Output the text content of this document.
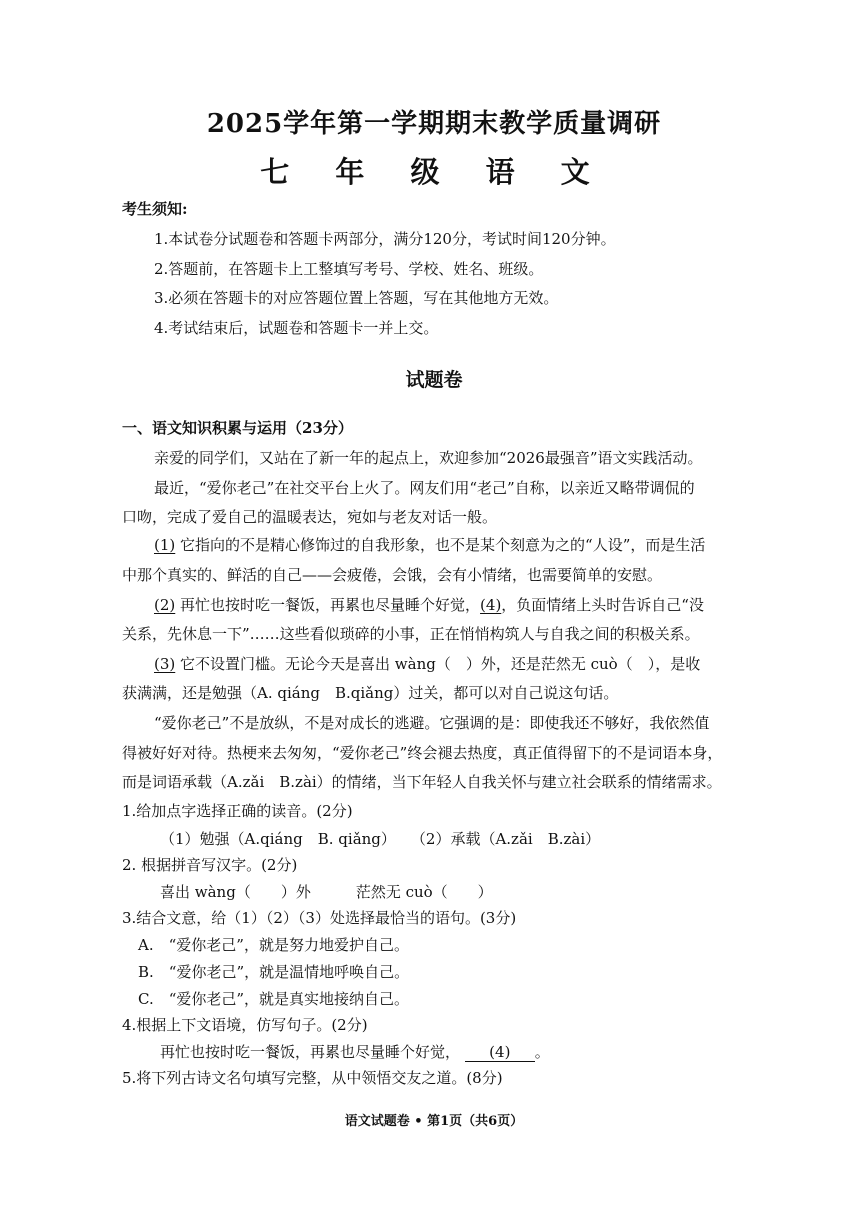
2025学年第一学期期末教学质量调研
七 年 级 语 文
考生须知:
1.本试卷分试题卷和答题卡两部分，满分120分，考试时间120分钟。
2.答题前，在答题卡上工整填写考号、学校、姓名、班级。
3.必须在答题卡的对应答题位置上答题，写在其他地方无效。
4.考试结束后，试题卷和答题卡一并上交。
试题卷
一、语文知识积累与运用（23分）
亲爱的同学们，又站在了新一年的起点上，欢迎参加“2026最强音”语文实践活动。
最近，“爱你老己”在社交平台上火了。网友们用“老己”自称，以亲近又略带调侃的
口吻，完成了爱自己的温暖表达，宛如与老友对话一般。
(1) 它指向的不是精心修饰过的自我形象，也不是某个刻意为之的“人设”，而是生活
中那个真实的、鲜活的自己——会疲倦，会饿，会有小情绪，也需要简单的安慰。
(2) 再忙也按时吃一餐饭，再累也尽量睡个好觉，(4)，负面情绪上头时告诉自己“没
关系，先休息一下”……这些看似琐碎的小事，正在悄悄构筑人与自我之间的积极关系。
(3) 它不设置门槛。无论今天是喜出 wàng（　）外，还是茫然无 cuò（　），是收
获满满，还是勉强（A. qiáng　B.qiǎng）过关，都可以对自己说这句话。
“爱你老己”不是放纵，不是对成长的逃避。它强调的是：即使我还不够好，我依然值
得被好好对待。热梗来去匆匆，“爱你老己”终会褪去热度，真正值得留下的不是词语本身，
而是词语承载（A.zǎi　B.zài）的情绪，当下年轻人自我关怀与建立社会联系的情绪需求。
1.给加点字选择正确的读音。(2分)
（1）勉强（A.qiáng　B. qiǎng）　　（2）承载（A.zǎi　B.zài）
2. 根据拼音写汉字。(2分)
喜出 wàng（　　）外　　　茫然无 cuò（　　）
3.结合文意，给（1）（2）（3）处选择最恰当的语句。(3分)
A.　“爱你老己”，就是努力地爱护自己。
B.　“爱你老己”，就是温情地呼唤自己。
C.　“爱你老己”，就是真实地接纳自己。
4.根据上下文语境，仿写句子。(2分)
再忙也按时吃一餐饭，再累也尽量睡个好觉， (4) 。
5.将下列古诗文名句填写完整，从中领悟交友之道。(8分)
语文试题卷 • 第1页（共6页）
